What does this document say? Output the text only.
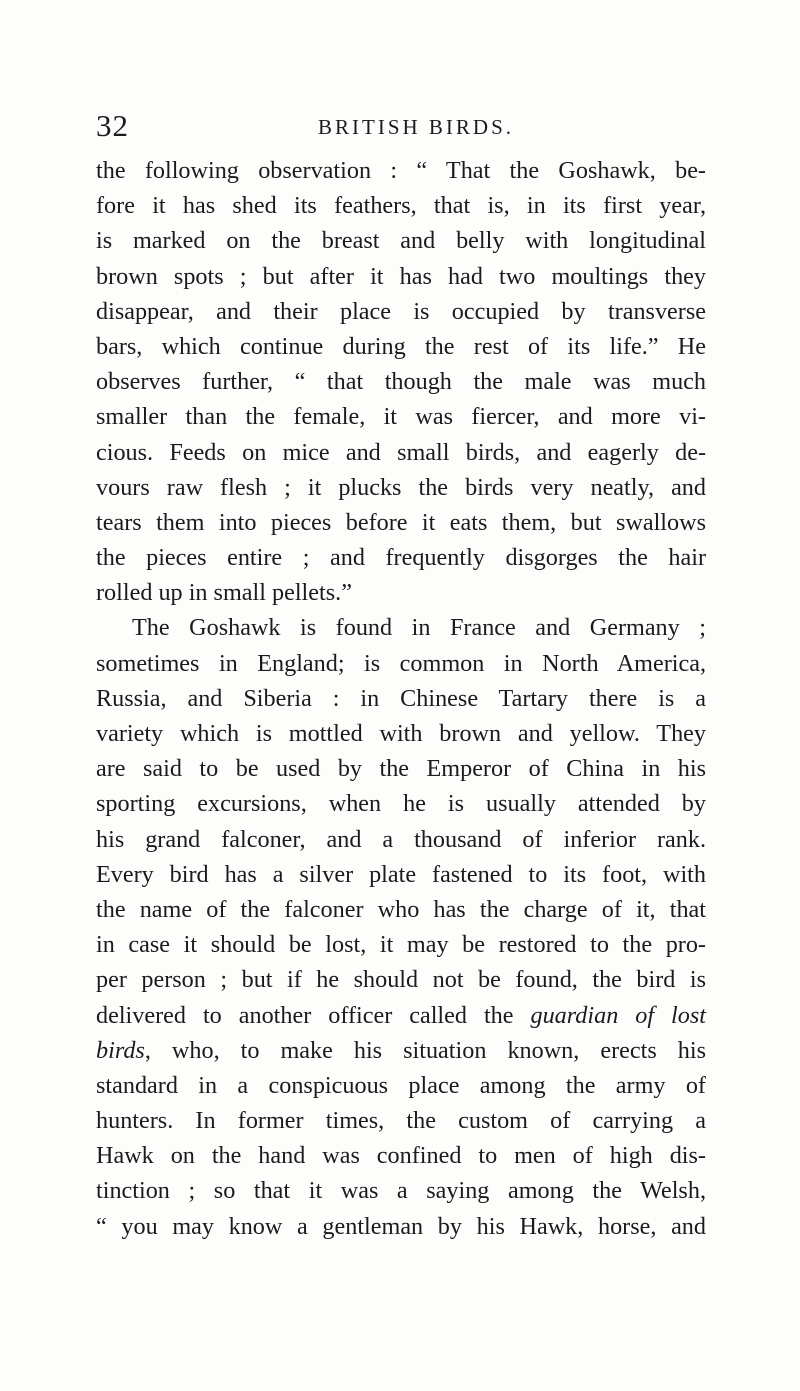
32	BRITISH BIRDS.
the following observation : “ That the Goshawk, be-
fore it has shed its feathers, that is, in its first year,
is marked on the breast and belly with longitudinal
brown spots ; but after it has had two moultings they
disappear, and their place is occupied by transverse
bars, which continue during the rest of its life.” He
observes further, “ that though the male was much
smaller than the female, it was fiercer, and more vi-
cious. Feeds on mice and small birds, and eagerly de-
vours raw flesh ; it plucks the birds very neatly, and
tears them into pieces before it eats them, but swallows
the pieces entire ; and frequently disgorges the hair
rolled up in small pellets.”
The Goshawk is found in France and Germany ;
sometimes in England; is common in North America,
Russia, and Siberia : in Chinese Tartary there is a
variety which is mottled with brown and yellow. They
are said to be used by the Emperor of China in his
sporting excursions, when he is usually attended by
his grand falconer, and a thousand of inferior rank.
Every bird has a silver plate fastened to its foot, with
the name of the falconer who has the charge of it, that
in case it should be lost, it may be restored to the pro-
per person ; but if he should not be found, the bird is
delivered to another officer called the guardian of lost
birds, who, to make his situation known, erects his
standard in a conspicuous place among the army of
hunters. In former times, the custom of carrying a
Hawk on the hand was confined to men of high dis-
tinction ; so that it was a saying among the Welsh,
“ you may know a gentleman by his Hawk, horse, and
